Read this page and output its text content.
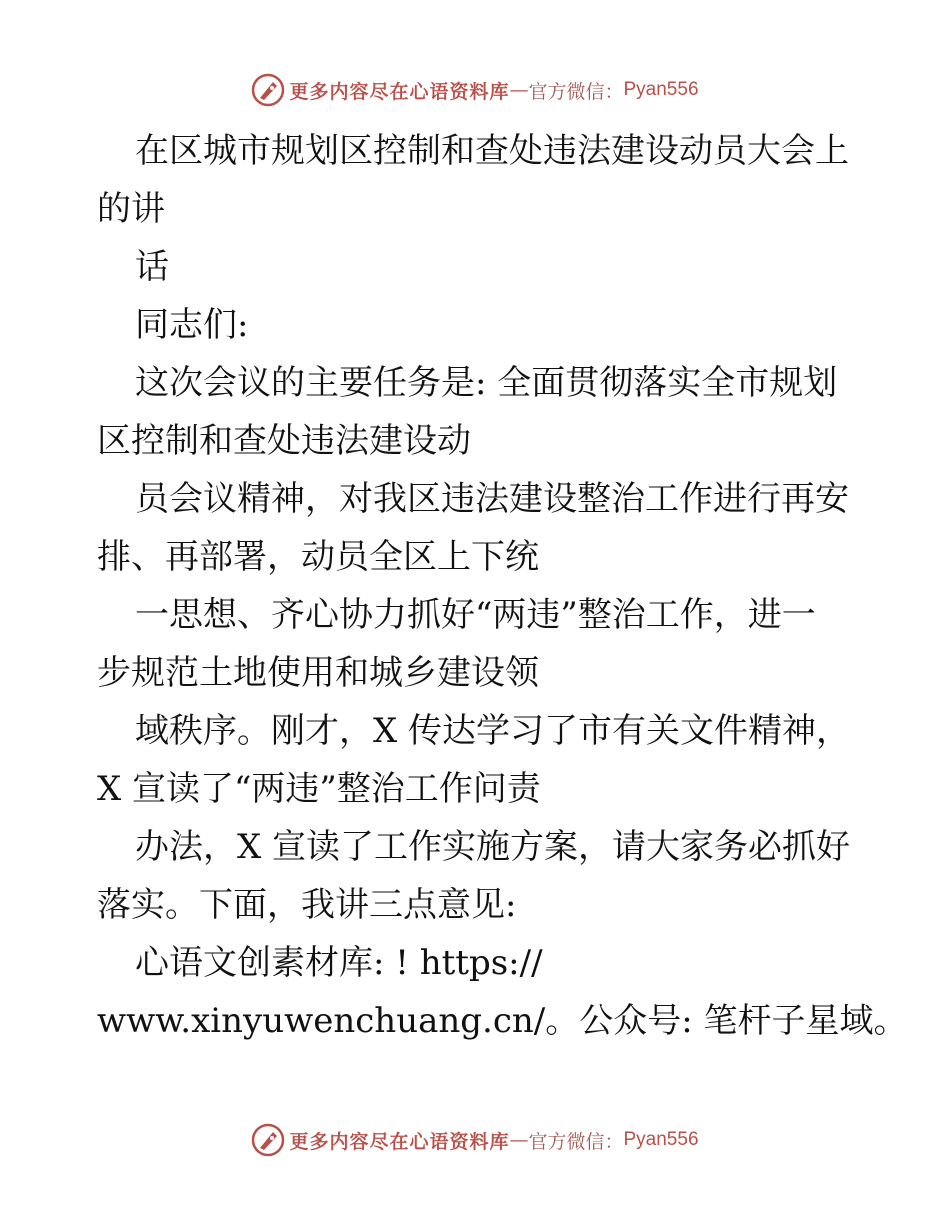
更多内容尽在心语资料库 — 官方微信： Pyan556

在区城市规划区控制和查处违法建设动员大会上

的讲

话

同志们:

这次会议的主要任务是: 全面贯彻落实全市规划

区控制和查处违法建设动

员会议精神，对我区违法建设整治工作进行再安

排、再部署，动员全区上下统

一思想、齐心协力抓好“两违”整治工作，进一

步规范土地使用和城乡建设领

域秩序。刚才，X 传达学习了市有关文件精神，

X 宣读了“两违”整治工作问责

办法，X 宣读了工作实施方案，请大家务必抓好

落实。下面，我讲三点意见:

心语文创素材库: ! https://

www.xinyuwenchuang.cn/。公众号: 笔杆子星域。

更多内容尽在心语资料库 — 官方微信： Pyan556
